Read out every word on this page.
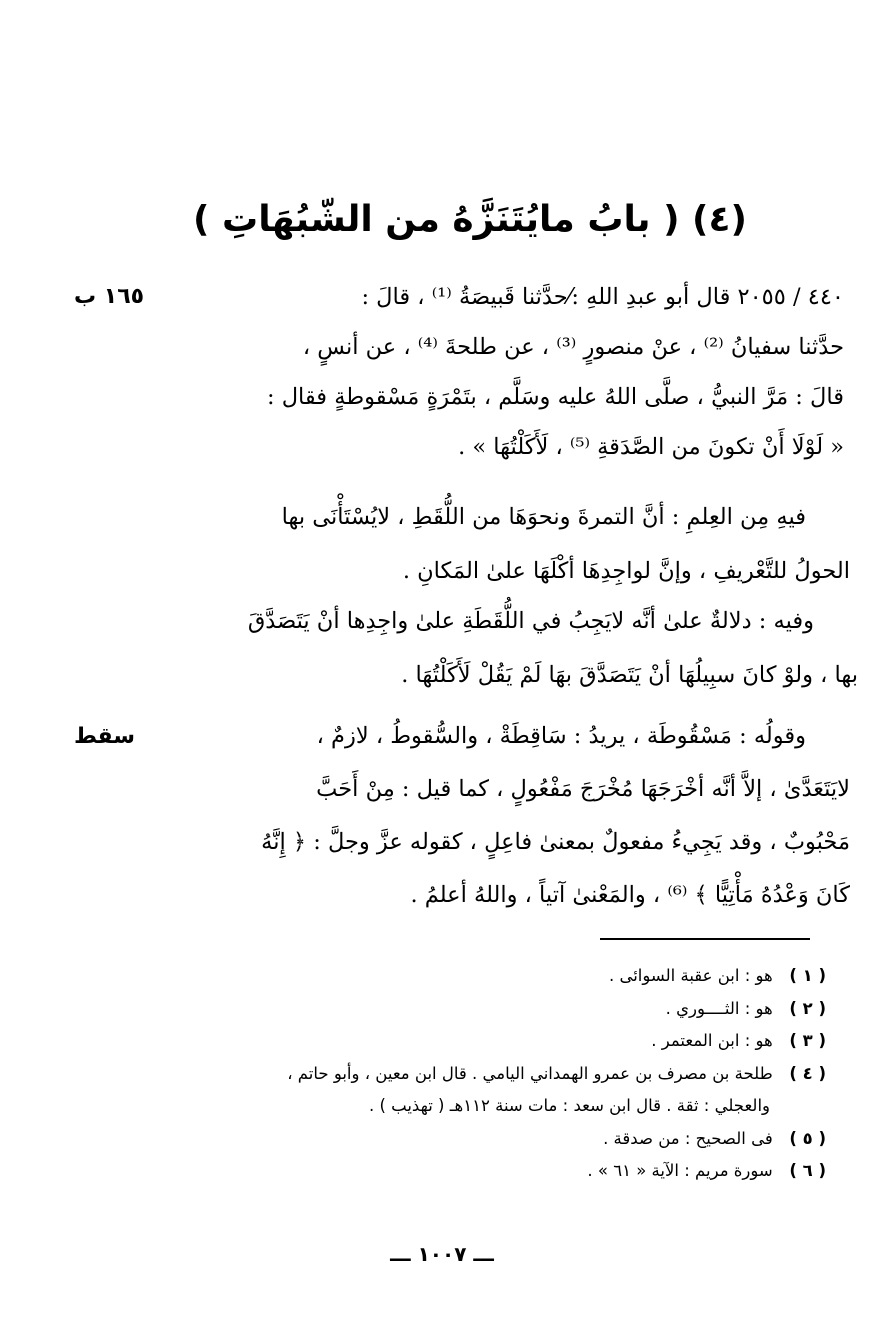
(٤) ( بابُ مايُتَنَزَّهُ من الشّبُهَاتِ )
١٦٥ ب	٤٤٠ / ٢٠٥٥ قال أبو عبدِ اللهِ :⁄حدَّثنا قَبيصَةُ ⁽¹⁾ ، قالَ :
حدَّثنا سفيانُ ⁽²⁾ ، عنْ منصورٍ ⁽³⁾ ، عن طلحةَ ⁽⁴⁾ ، عن أنسٍ ،
قالَ : مَرَّ النبيُّ ، صلَّى اللهُ عليه وسَلَّم ، بتَمْرَةٍ مَسْقوطةٍ فقال :
« لَوْلَا أَنْ تكونَ من الصَّدَقةِ ⁽⁵⁾ ، لَأَكَلْتُهَا » .
فيهِ مِن العِلمِ : أنَّ التمرةَ ونحوَهَا من اللُّقَطِ ، لايُسْتَأْنَى بها
الحولُ للتَّعْريفِ ، وإنَّ لواجِدِهَا أكْلَهَا علىٰ المَكانِ .
وفيه : دلالةٌ علىٰ أنَّه لايَجِبُ في اللُّقَطَةِ علىٰ واجِدِها أنْ يَتَصَدَّقَ
بها ، ولوْ كانَ سبِيلُهَا أنْ يَتَصَدَّقَ بهَا لَمْ يَقُلْ لَأَكَلْتُهَا .
سقط	وقولُه : مَسْقُوطَة ، يريدُ : سَاقِطَةْ ، والسُّقوطُ ، لازمٌ ،
لايَتَعَدَّىٰ ، إلاَّ أنَّه أخْرَجَهَا مُخْرَجَ مَفْعُولٍ ، كما قيل : مِنْ أَحَبَّ
مَحْبُوبٌ ، وقد يَجِيءُ مفعولٌ بمعنىٰ فاعِلٍ ، كقوله عزَّ وجلَّ : ﴿ إِنَّهُ
كَانَ وَعْدُهُ مَأْتِيًّا ﴾ ⁽⁶⁾ ، والمَعْنىٰ آتياً ، واللهُ أعلمُ .
( ١ ) هو : ابن عقبة السوائى .
( ٢ ) هو : الثــــوري .
( ٣ ) هو : ابن المعتمر .
( ٤ ) طلحة بن مصرف بن عمرو الهمداني اليامي . قال ابن معين ، وأبو حاتم ،
والعجلي : ثقة . قال ابن سعد : مات سنة ١١٢هـ ( تهذيب ) .
( ٥ ) فى الصحيح : من صدقة .
( ٦ ) سورة مريم : الآية « ٦١ » .
ـــ ١٠٠٧ ـــ
